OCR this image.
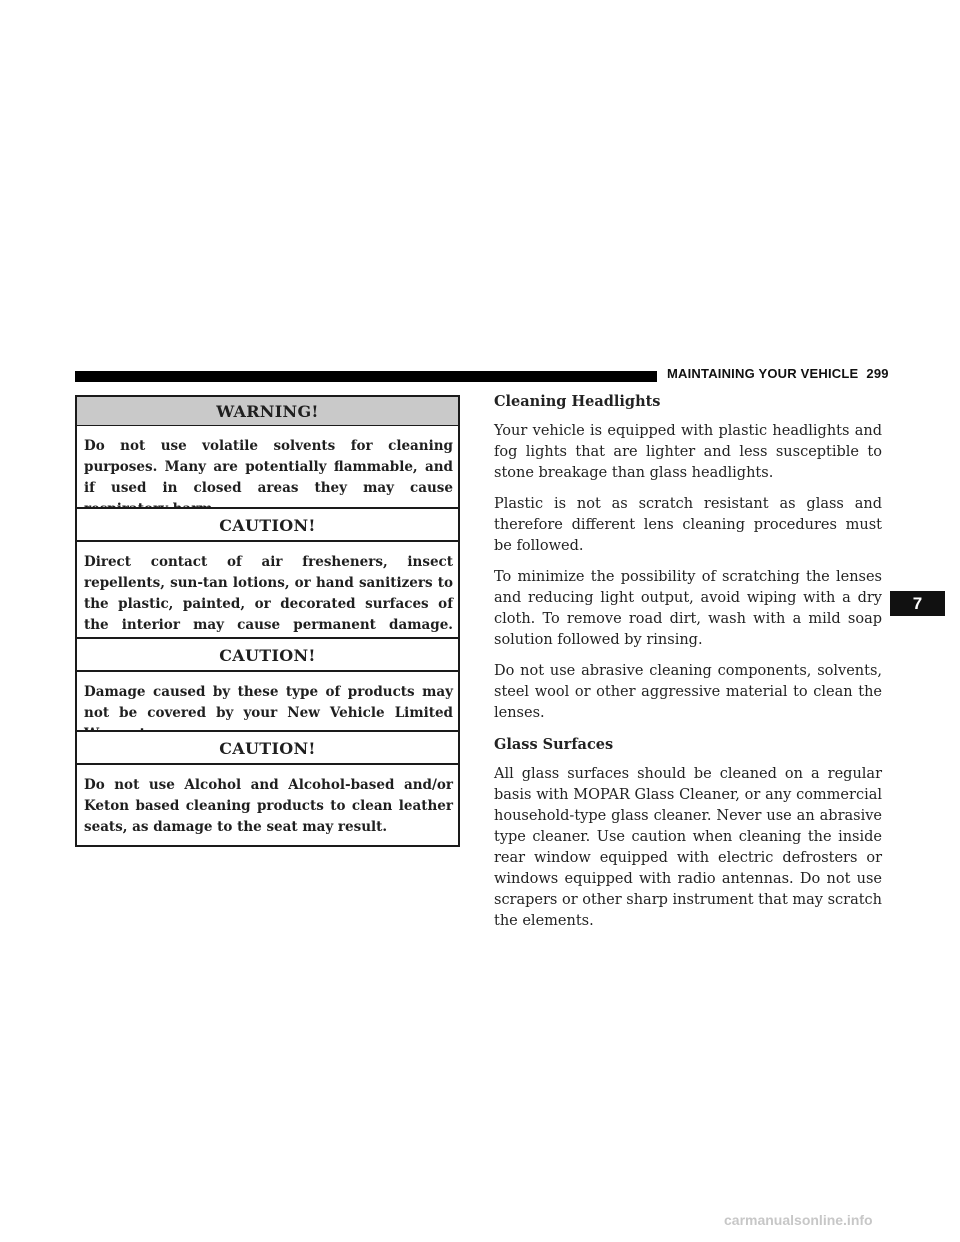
MAINTAINING YOUR VEHICLE 299
WARNING!
Do not use volatile solvents for cleaning purposes. Many are potentially flammable, and if used in closed areas they may cause
CAUTION!
Direct contact of air fresheners, insect repellents, sun-tan lotions, or hand sanitizers to the plastic, painted, or decorated surfaces of the interior may cause permanent damage.
CAUTION!
Damage caused by these type of products may not be covered by your New Vehicle Limited
CAUTION!
Do not use Alcohol and Alcohol-based and/or Keton based cleaning products to clean leather seats, as damage to the seat may result.
Cleaning Headlights

Your vehicle is equipped with plastic headlights and fog lights that are lighter and less susceptible to stone breakage than glass headlights.

Plastic is not as scratch resistant as glass and therefore different lens cleaning procedures must be followed.

To minimize the possibility of scratching the lenses and reducing light output, avoid wiping with a dry cloth. To remove road dirt, wash with a mild soap solution followed by rinsing.

Do not use abrasive cleaning components, solvents, steel wool or other aggressive material to clean the lenses.

Glass Surfaces

All glass surfaces should be cleaned on a regular basis with MOPAR Glass Cleaner, or any commercial household-type glass cleaner. Never use an abrasive type cleaner. Use caution when cleaning the inside rear window equipped with electric defrosters or windows equipped with radio antennas. Do not use scrapers or other sharp instrument that may scratch the elements.

7
carmanualsonline.info
